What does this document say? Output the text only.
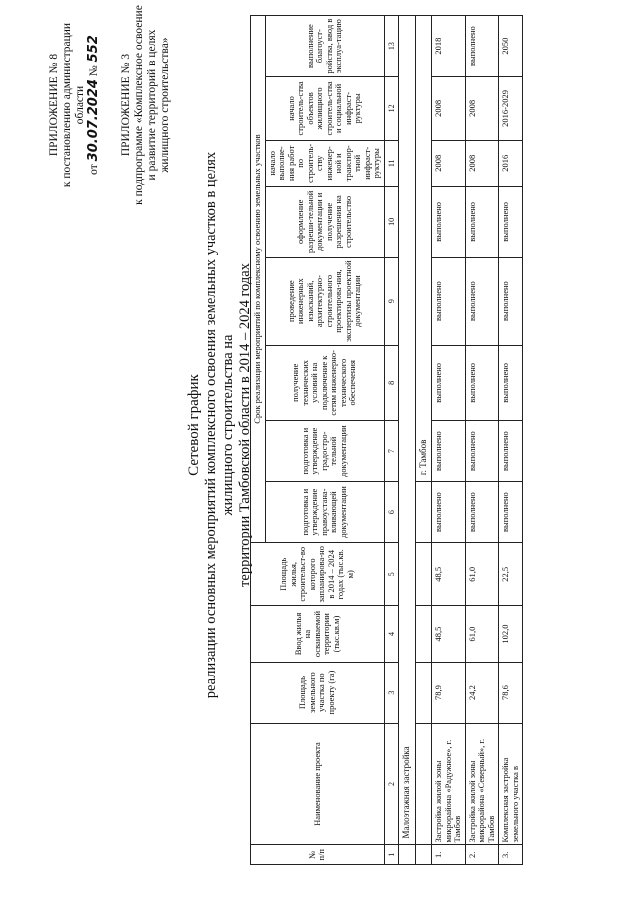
ПРИЛОЖЕНИЕ № 8 к постановлению администрации области
от 30.07.2024 № 552
ПРИЛОЖЕНИЕ № 3 к подпрограмме «Комплексное освоение и развитие территорий в целях жилищного строительства»
Сетевой график реализации основных мероприятий комплексного освоения земельных участков в целях жилищного строительства на территории Тамбовской области в 2014 – 2024 годах
№ п/п	Наименование проекта	Площадь земельного участка по проекту (га)	Ввод жилья на осваиваемой территории (тыс.кв.м)	Площадь жилья, строительст-во которого запланирова-но в 2014 – 2024 годах (тыс.кв. м)	Срок реализации мероприятий по комплексному освоению земельных участков							
					подготовка и утверждение правоустана-вливающей документации	подготовка и утверждение градостро-тельной документации	получение технических условий на подключение к сетям инженерно-технического обеспечения	проведение инженерных изысканий, архитектурно-строительного проектирова-ния, экспертизы проектной документации	оформление разреши-тельной документации и получение разрешения на строительство	начало выполне-ния работ по строитель-ству инженер-ной и транспор-тной инфраст-руктуры	начало строитель-ства объектов жилищного строитель-ства и социальной инфраст-руктуры	выполнение благоуст-ройства, ввод в эксплуа-тацию
1	2	3	4	5	6	7	8	9	10	11	12	13
	Малоэтажная застройка											
						г. Тамбов						
1.	Застройка жилой зоны микрорайона «Радужное», г. Тамбов	78,9	48,5	48,5	выполнено	выполнено	выполнено	выполнено	выполнено	2008	2008	2018
2.	Застройка жилой зоны микрорайона «Северный», г. Тамбов	24,2	61,0	61,0	выполнено	выполнено	выполнено	выполнено	выполнено	2008	2008	выполнено
3.	Комплексная застройка земельного участка в	78,6	102,0	22,5	выполнено	выполнено	выполнено	выполнено	выполнено	2016	2016-2029	2050
